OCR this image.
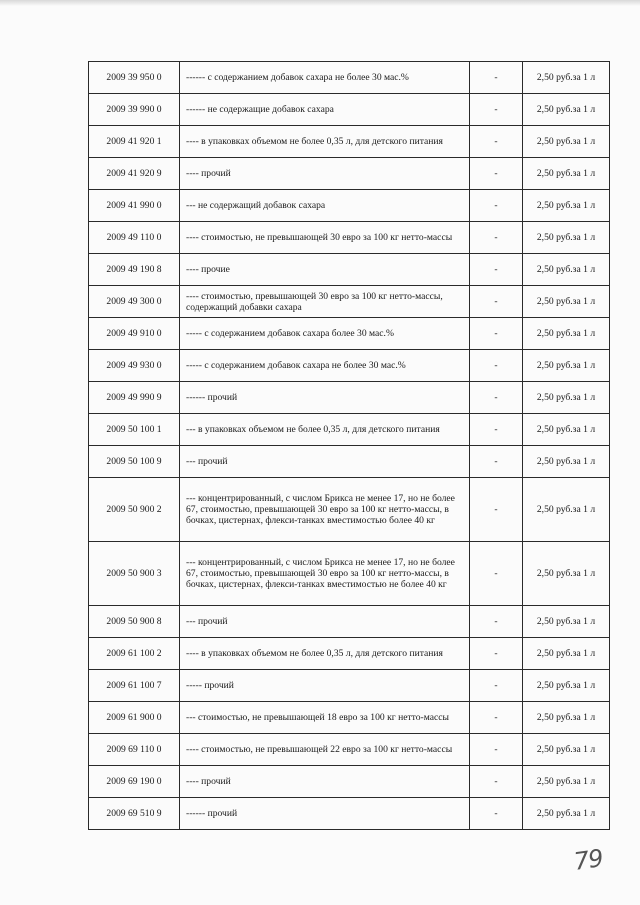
2009 39 950 0	------ с содержанием добавок сахара не более 30 мас.%	-	2,50 руб.за 1 л
2009 39 990 0	------ не содержащие добавок сахара	-	2,50 руб.за 1 л
2009 41 920 1	---- в упаковках объемом не более 0,35 л, для детского питания	-	2,50 руб.за 1 л
2009 41 920 9	---- прочий	-	2,50 руб.за 1 л
2009 41 990 0	--- не содержащий добавок сахара	-	2,50 руб.за 1 л
2009 49 110 0	---- стоимостью, не превышающей 30 евро за 100 кг нетто-массы	-	2,50 руб.за 1 л
2009 49 190 8	---- прочие	-	2,50 руб.за 1 л
2009 49 300 0	---- стоимостью, превышающей 30 евро за 100 кг нетто-массы, содержащий добавки сахара	-	2,50 руб.за 1 л
2009 49 910 0	----- с содержанием добавок сахара более 30 мас.%	-	2,50 руб.за 1 л
2009 49 930 0	----- с содержанием добавок сахара не более 30 мас.%	-	2,50 руб.за 1 л
2009 49 990 9	------ прочий	-	2,50 руб.за 1 л
2009 50 100 1	--- в упаковках объемом не более 0,35 л, для детского питания	-	2,50 руб.за 1 л
2009 50 100 9	--- прочий	-	2,50 руб.за 1 л
2009 50 900 2	--- концентрированный, с числом Брикса не менее 17, но не более 67, стоимостью, превышающей 30 евро за 100 кг нетто-массы, в бочках, цистернах, флекси-танках вместимостью более 40 кг	-	2,50 руб.за 1 л
2009 50 900 3	--- концентрированный, с числом Брикса не менее 17, но не более 67, стоимостью, превышающей 30 евро за 100 кг нетто-массы, в бочках, цистернах, флекси-танках вместимостью не более 40 кг	-	2,50 руб.за 1 л
2009 50 900 8	--- прочий	-	2,50 руб.за 1 л
2009 61 100 2	---- в упаковках объемом не более 0,35 л, для детского питания	-	2,50 руб.за 1 л
2009 61 100 7	----- прочий	-	2,50 руб.за 1 л
2009 61 900 0	--- стоимостью, не превышающей 18 евро за 100 кг нетто-массы	-	2,50 руб.за 1 л
2009 69 110 0	---- стоимостью, не превышающей 22 евро за 100 кг нетто-массы	-	2,50 руб.за 1 л
2009 69 190 0	---- прочий	-	2,50 руб.за 1 л
2009 69 510 9	------ прочий	-	2,50 руб.за 1 л
79
